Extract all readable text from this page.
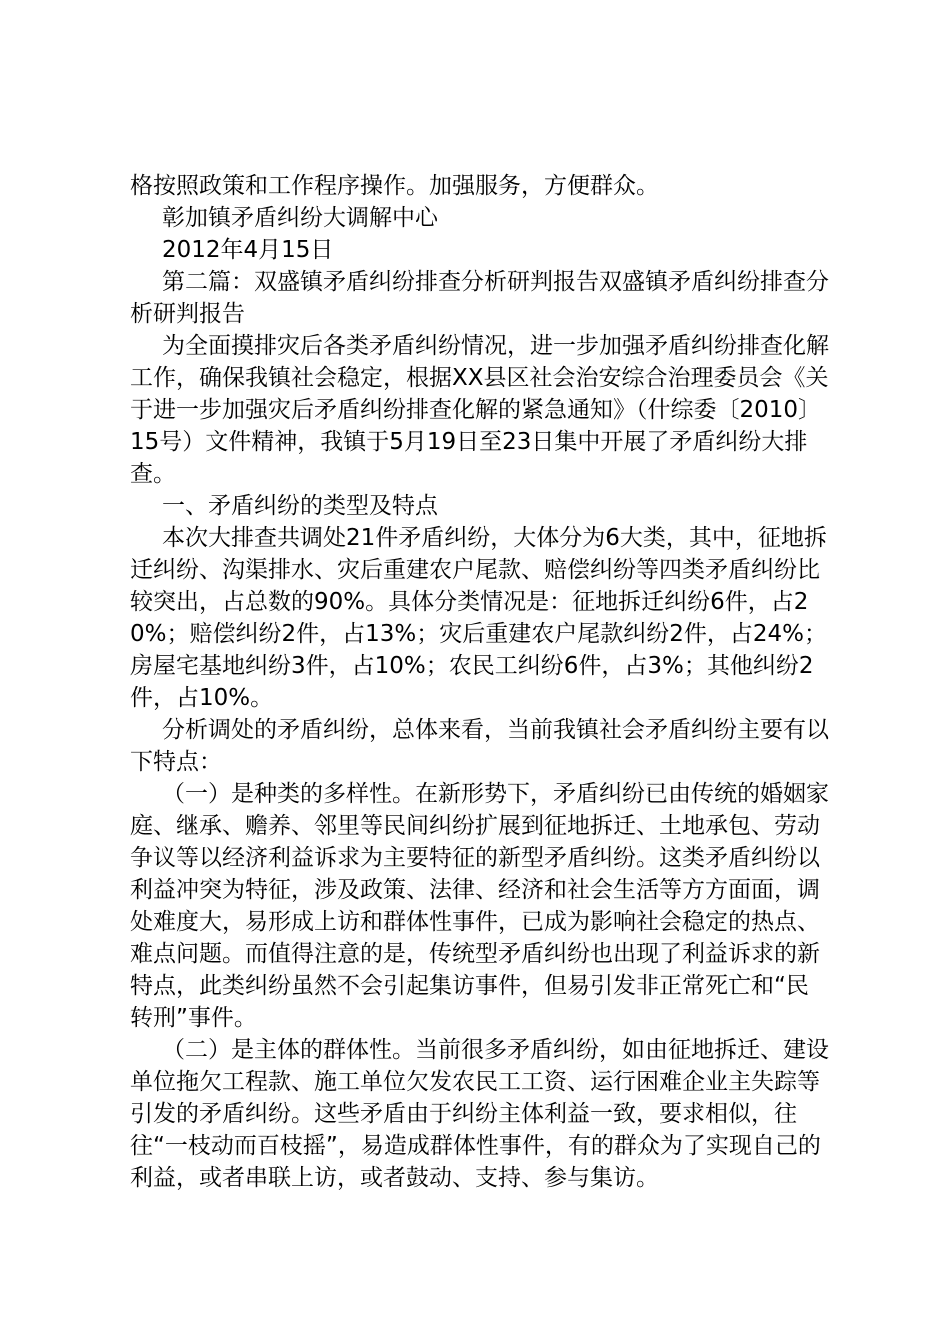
格按照政策和工作程序操作。加强服务，方便群众。

彰加镇矛盾纠纷大调解中心

2012年4月15日

第二篇：双盛镇矛盾纠纷排查分析研判报告双盛镇矛盾纠纷排查分析研判报告

为全面摸排灾后各类矛盾纠纷情况，进一步加强矛盾纠纷排查化解工作，确保我镇社会稳定，根据XX县区社会治安综合治理委员会《关于进一步加强灾后矛盾纠纷排查化解的紧急通知》（什综委〔2010〕15号）文件精神，我镇于5月19日至23日集中开展了矛盾纠纷大排查。

一、矛盾纠纷的类型及特点

本次大排查共调处21件矛盾纠纷，大体分为6大类，其中，征地拆迁纠纷、沟渠排水、灾后重建农户尾款、赔偿纠纷等四类矛盾纠纷比较突出，占总数的90%。具体分类情况是：征地拆迁纠纷6件，占20%；赔偿纠纷2件，占13%；灾后重建农户尾款纠纷2件，占24%；房屋宅基地纠纷3件，占10%；农民工纠纷6件，占3%；其他纠纷2件，占10%。

分析调处的矛盾纠纷，总体来看，当前我镇社会矛盾纠纷主要有以下特点：

（一）是种类的多样性。在新形势下，矛盾纠纷已由传统的婚姻家庭、继承、赡养、邻里等民间纠纷扩展到征地拆迁、土地承包、劳动争议等以经济利益诉求为主要特征的新型矛盾纠纷。这类矛盾纠纷以利益冲突为特征，涉及政策、法律、经济和社会生活等方方面面，调处难度大，易形成上访和群体性事件，已成为影响社会稳定的热点、难点问题。而值得注意的是，传统型矛盾纠纷也出现了利益诉求的新特点，此类纠纷虽然不会引起集访事件，但易引发非正常死亡和“民转刑”事件。

（二）是主体的群体性。当前很多矛盾纠纷，如由征地拆迁、建设单位拖欠工程款、施工单位欠发农民工工资、运行困难企业主失踪等引发的矛盾纠纷。这些矛盾由于纠纷主体利益一致，要求相似，往往“一枝动而百枝摇”，易造成群体性事件，有的群众为了实现自己的利益，或者串联上访，或者鼓动、支持、参与集访。
